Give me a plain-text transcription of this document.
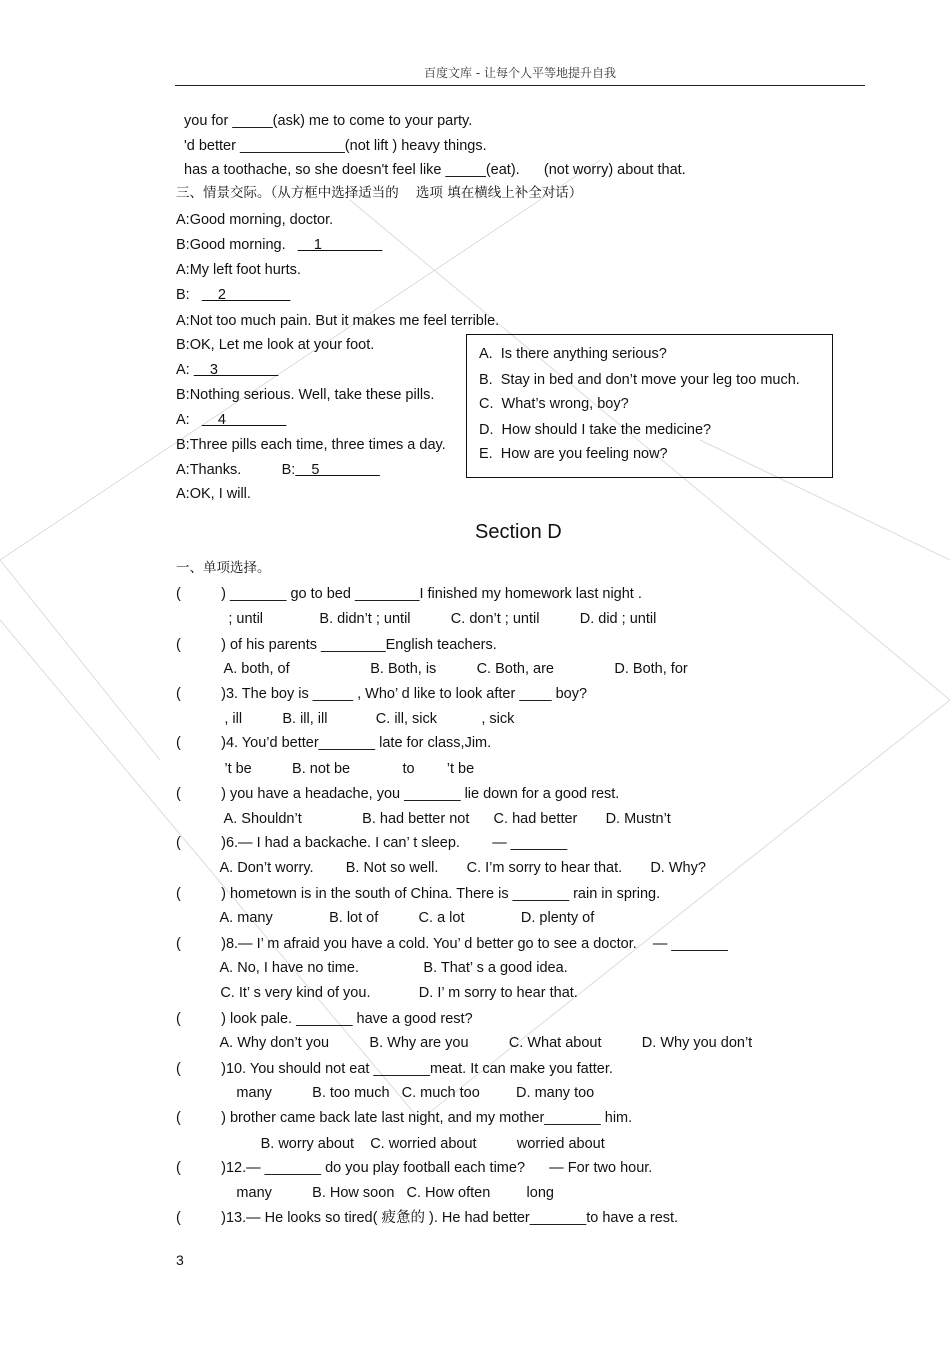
百度文库 - 让每个人平等地提升自我
you for _____(ask) me to come to your party.
'd better _____________(not lift ) heavy things.
has a toothache, so she doesn't feel like _____(eat).      (not worry) about that.
三、情景交际。（从方框中选择适当的    选项 填在横线上补全对话）
A:Good morning, doctor.
B:Good morning.       1
A:My left foot hurts.
B:       2
A:Not too much pain. But it makes me feel terrible.
B:OK, Let me look at your foot.
A:     3
B:Nothing serious. Well, take these pills.
A:       4
B:Three pills each time, three times a day.
A:Thanks.          B:    5
A:OK, I will.
A.  Is there anything serious?
B.  Stay in bed and don’t move your leg too much.
C.  What’s wrong, boy?
D.  How should I take the medicine?
E.  How are you feeling now?
Section D
一、单项选择。
(          ) _______ go to bed ________I finished my homework last night .
; until              B. didn’t ; until          C. don’t ; until          D. did ; until
(          ) of his parents ________English teachers.
A. both, of                    B. Both, is          C. Both, are               D. Both, for
(          )3. The boy is _____ , Who’ d like to look after ____ boy?
, ill          B. ill, ill            C. ill, sick           , sick
(          )4. You’d better_______ late for class,Jim.
’t be          B. not be             to        ’t be
(          ) you have a headache, you _______ lie down for a good rest.
A. Shouldn’t               B. had better not      C. had better       D. Mustn’t
(          )6.— I had a backache. I can’ t sleep.        — _______
A. Don’t worry.        B. Not so well.       C. I’m sorry to hear that.       D. Why?
(          ) hometown is in the south of China. There is _______ rain in spring.
A. many              B. lot of          C. a lot              D. plenty of
(          )8.— I’ m afraid you have a cold. You’ d better go to see a doctor.    — _______
A. No, I have no time.                B. That’ s a good idea.
C. It’ s very kind of you.            D. I’ m sorry to hear that.
(          ) look pale. _______ have a good rest?
A. Why don’t you          B. Why are you          C. What about          D. Why you don’t
(          )10. You should not eat _______meat. It can make you fatter.
many          B. too much   C. much too         D. many too
(          ) brother came back late last night, and my mother_______ him.
B. worry about    C. worried about          worried about
(          )12.— _______ do you play football each time?      — For two hour.
many          B. How soon   C. How often         long
(          )13.— He looks so tired( 疲惫的 ). He had better_______to have a rest.
3
